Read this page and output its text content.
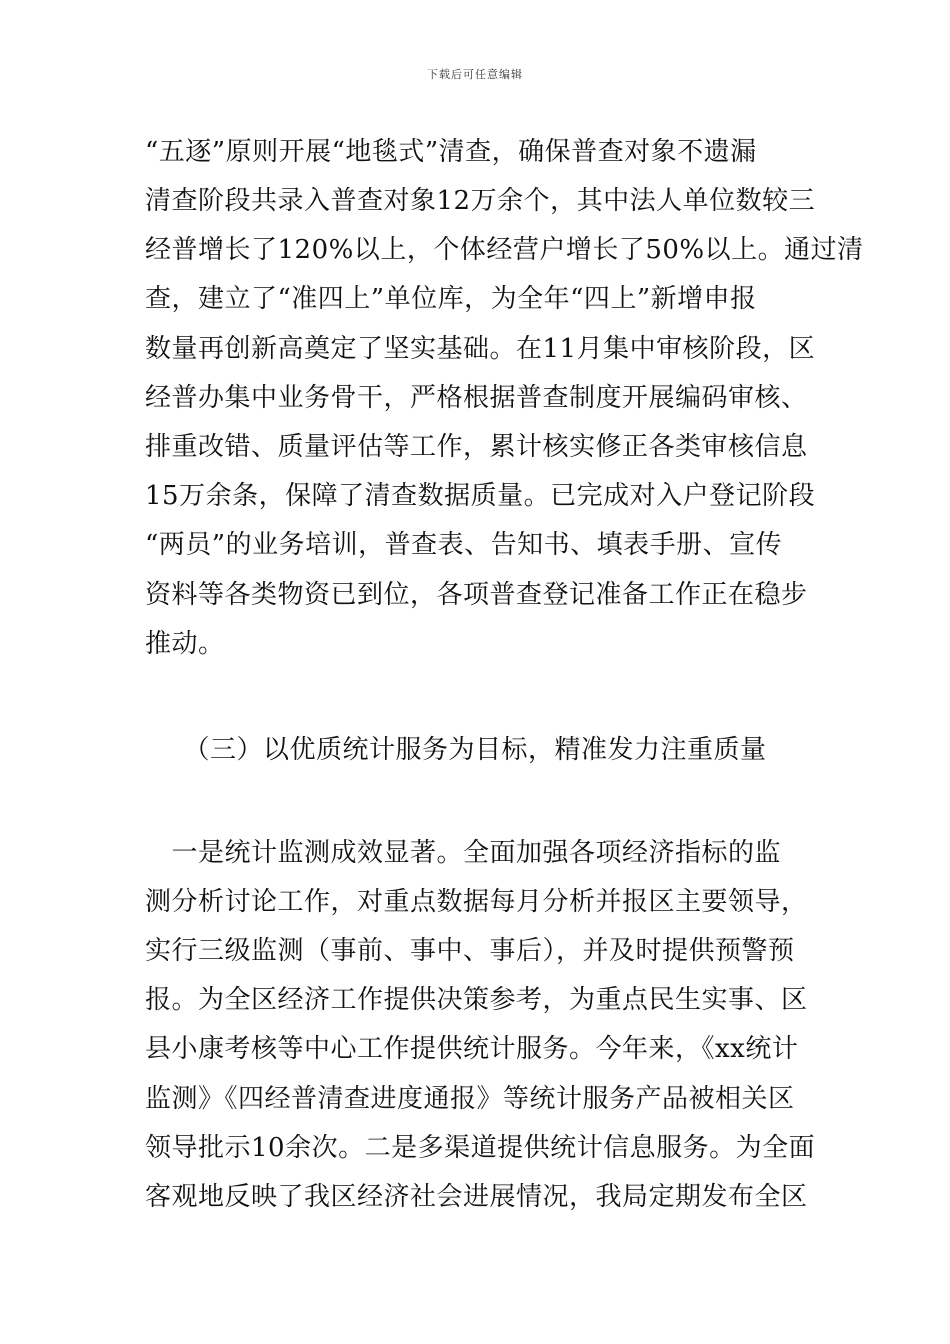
下载后可任意编辑
“五逐”原则开展“地毯式”清查，确保普查对象不遗漏
清查阶段共录入普查对象12万余个，其中法人单位数较三
经普增长了120%以上，个体经营户增长了50%以上。通过清
查，建立了“准四上”单位库，为全年“四上”新增申报
数量再创新高奠定了坚实基础。在11月集中审核阶段，区
经普办集中业务骨干，严格根据普查制度开展编码审核、
排重改错、质量评估等工作，累计核实修正各类审核信息
15万余条，保障了清查数据质量。已完成对入户登记阶段
“两员”的业务培训，普查表、告知书、填表手册、宣传
资料等各类物资已到位，各项普查登记准备工作正在稳步
推动。
（三）以优质统计服务为目标，精准发力注重质量
　一是统计监测成效显著。全面加强各项经济指标的监
测分析讨论工作，对重点数据每月分析并报区主要领导，
实行三级监测（事前、事中、事后），并及时提供预警预
报。为全区经济工作提供决策参考，为重点民生实事、区
县小康考核等中心工作提供统计服务。今年来，《xx统计
监测》《四经普清查进度通报》等统计服务产品被相关区
领导批示10余次。二是多渠道提供统计信息服务。为全面
客观地反映了我区经济社会进展情况，我局定期发布全区
